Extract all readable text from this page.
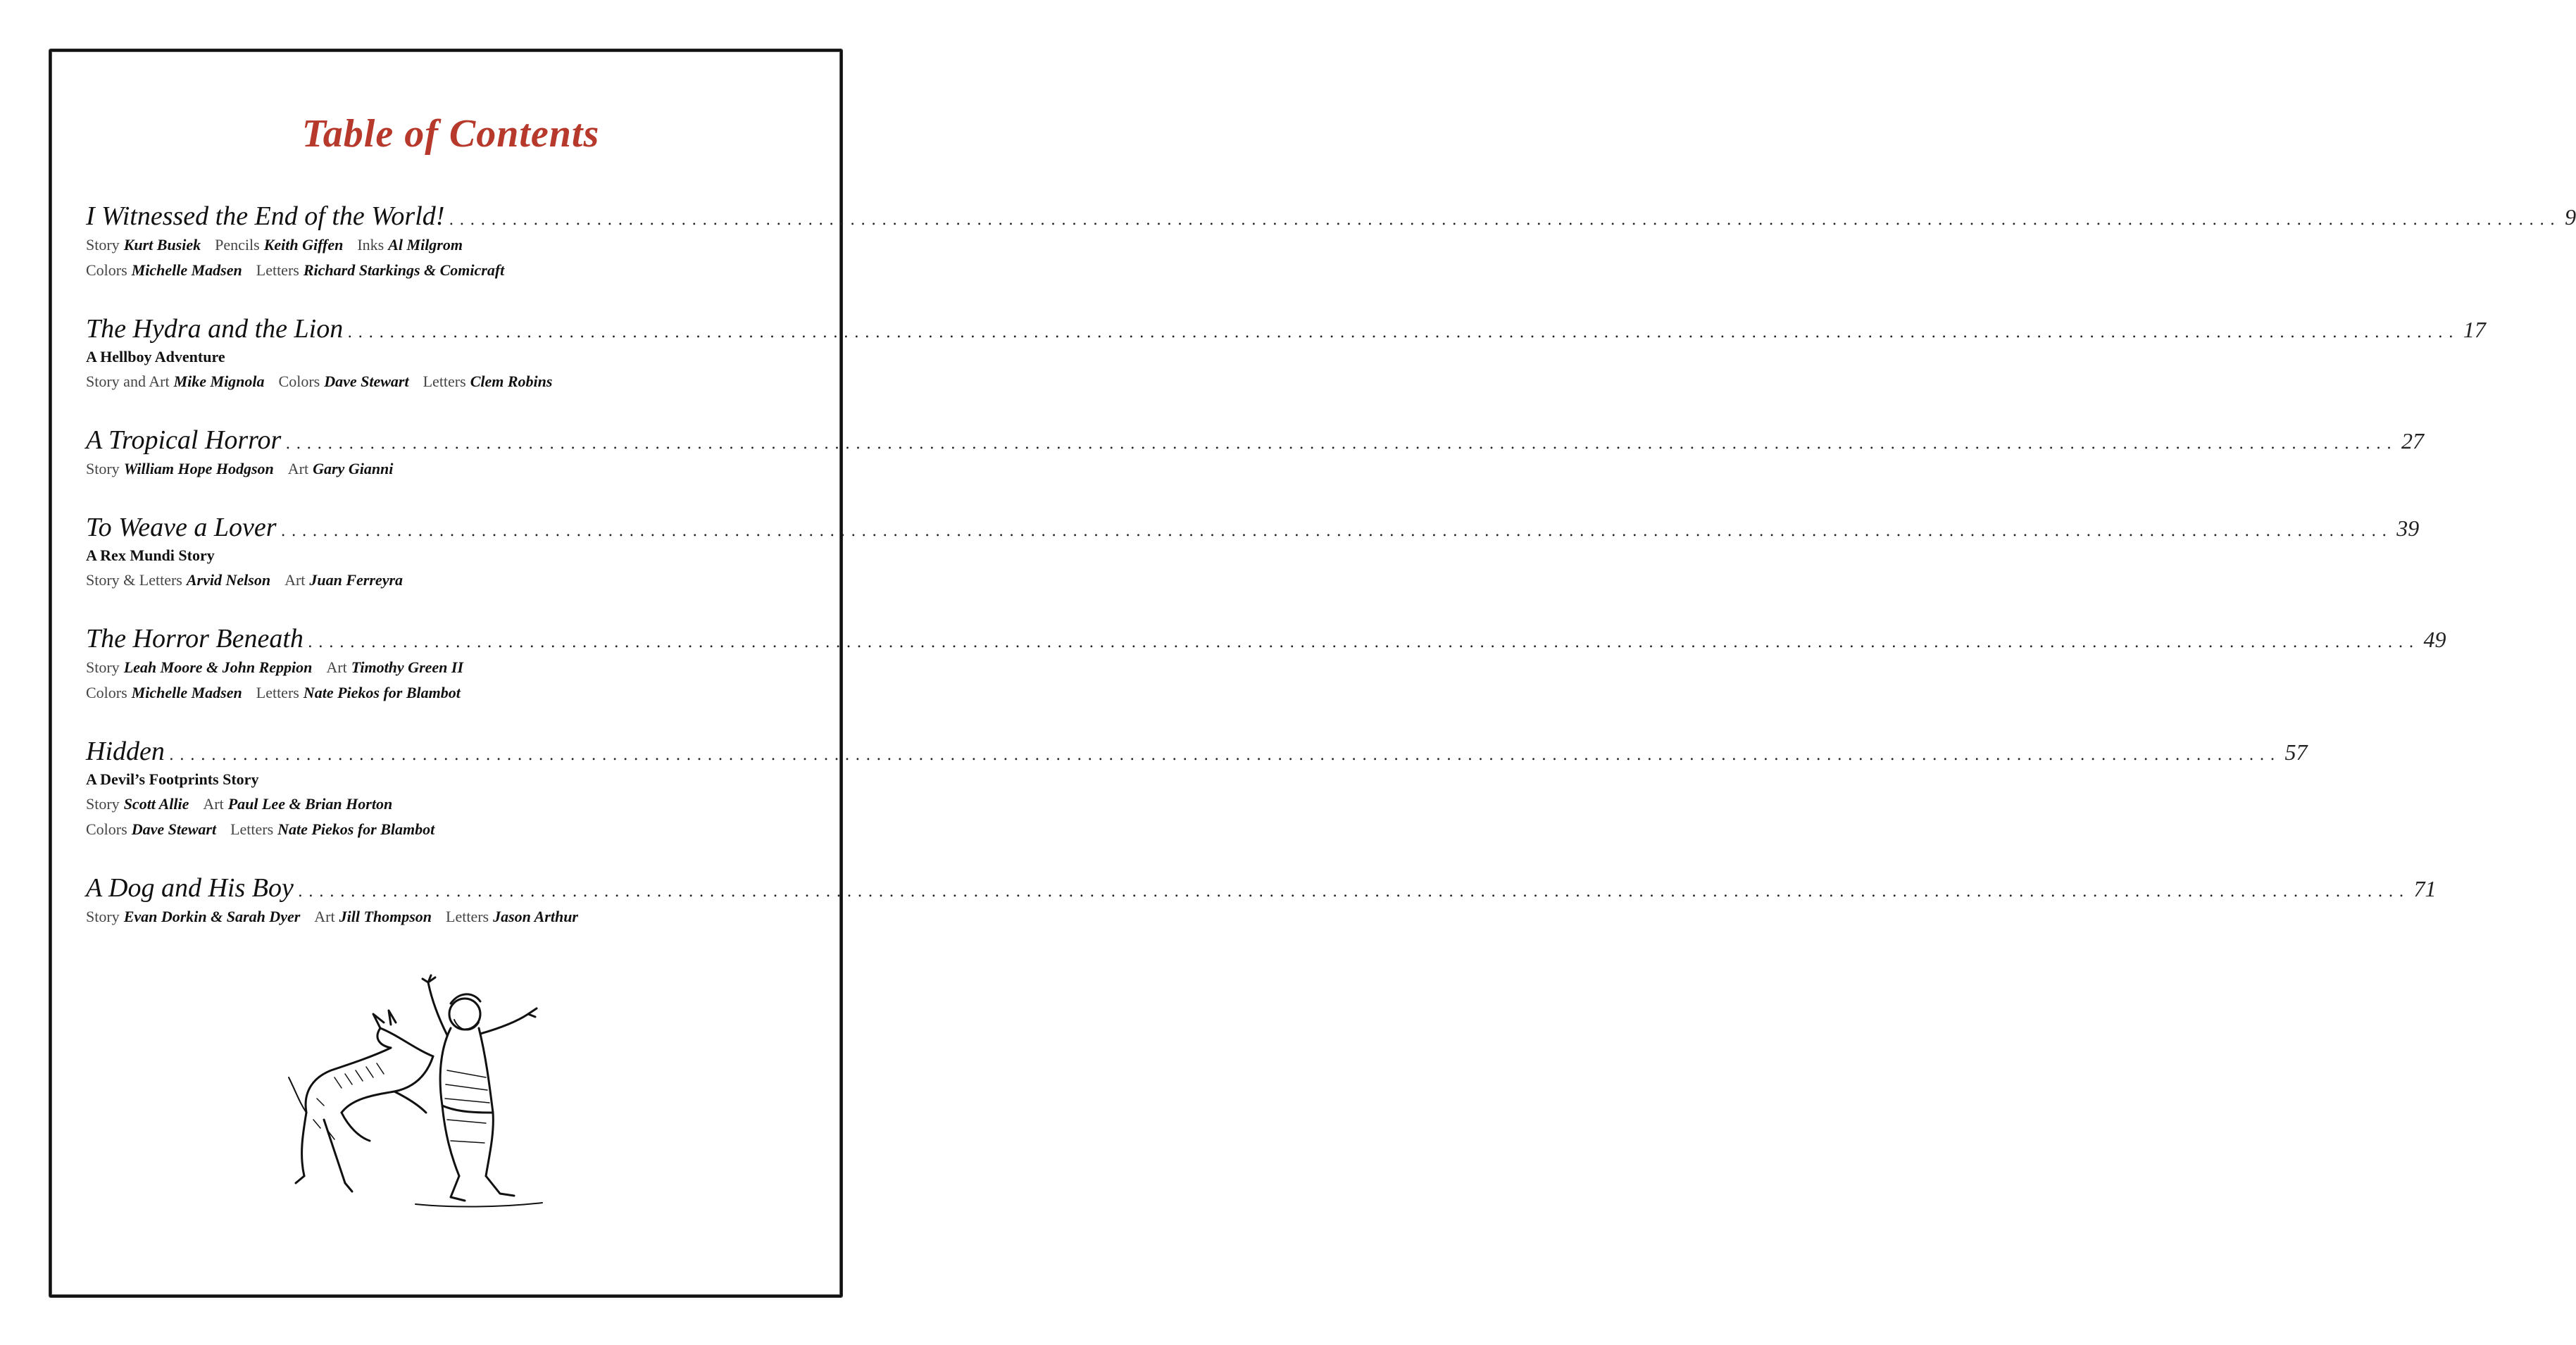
Table of Contents
I Witnessed the End of the World! ........................................................................................................................................................................................................ 9
Story Kurt Busiek Pencils Keith Giffen Inks Al Milgrom
Colors Michelle Madsen Letters Richard Starkings & Comicraft
The Hydra and the Lion ........................................................................................................................................................................................................ 17
A Hellboy Adventure
Story and Art Mike Mignola Colors Dave Stewart Letters Clem Robins
A Tropical Horror ........................................................................................................................................................................................................ 27
Story William Hope Hodgson Art Gary Gianni
To Weave a Lover ........................................................................................................................................................................................................ 39
A Rex Mundi Story
Story & Letters Arvid Nelson Art Juan Ferreyra
The Horror Beneath ........................................................................................................................................................................................................ 49
Story Leah Moore & John Reppion Art Timothy Green II
Colors Michelle Madsen Letters Nate Piekos for Blambot
Hidden ........................................................................................................................................................................................................ 57
A Devil’s Footprints Story
Story Scott Allie Art Paul Lee & Brian Horton
Colors Dave Stewart Letters Nate Piekos for Blambot
A Dog and His Boy ........................................................................................................................................................................................................ 71
Story Evan Dorkin & Sarah Dyer Art Jill Thompson Letters Jason Arthur
